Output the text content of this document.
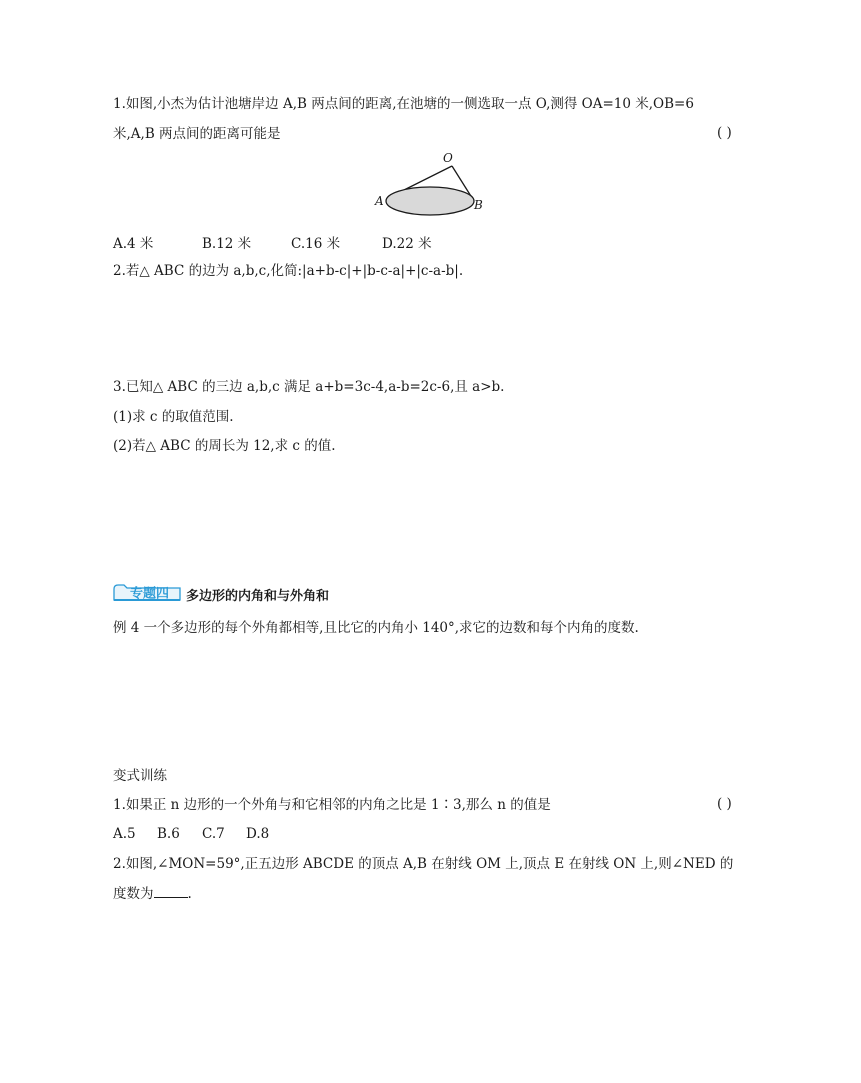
1.如图,小杰为估计池塘岸边 A,B 两点间的距离,在池塘的一侧选取一点 O,测得 OA=10 米,OB=6
米,A,B 两点间的距离可能是	( )
O
A	B
A.4 米	B.12 米	C.16 米	D.22 米
2.若△ ABC 的边为 a,b,c,化简:|a+b-c|+|b-c-a|+|c-a-b|.
3.已知△ ABC 的三边 a,b,c 满足 a+b=3c-4,a-b=2c-6,且 a>b.
(1)求 c 的取值范围.
(2)若△ ABC 的周长为 12,求 c 的值.
专题四 多边形的内角和与外角和
例 4 一个多边形的每个外角都相等,且比它的内角小 140°,求它的边数和每个内角的度数.
变式训练
1.如果正 n 边形的一个外角与和它相邻的内角之比是 1∶3,那么 n 的值是	( )
A.5 B.6 C.7 D.8
2.如图,∠MON=59°,正五边形 ABCDE 的顶点 A,B 在射线 OM 上,顶点 E 在射线 ON 上,则∠NED 的
度数为	.
